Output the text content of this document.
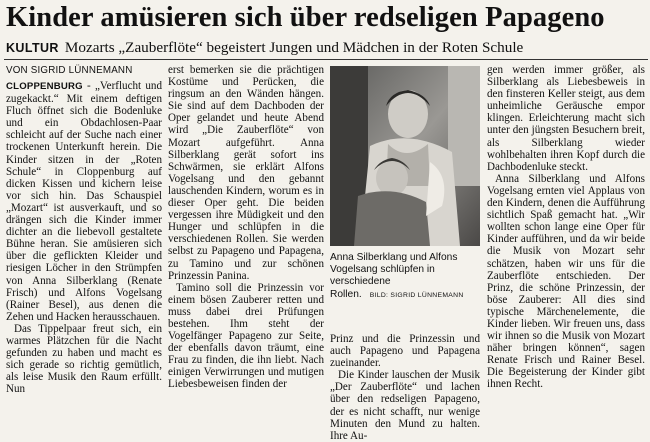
Kinder amüsieren sich über redseligen Papageno
KULTUR Mozarts „Zauberflöte“ begeistert Jungen und Mädchen in der Roten Schule
VON SIGRID LÜNNEMANN

CLOPPENBURG - „Verflucht und zugekackt.“ Mit einem deftigen Fluch öffnet sich die Bodenluke und ein Obdachlosen-Paar schleicht auf der Suche nach einer trockenen Unterkunft herein. Die Kinder sitzen in der „Roten Schule“ in Cloppenburg auf dicken Kissen und kichern leise vor sich hin. Das Schauspiel „Mozart“ ist ausverkauft, und so drängen sich die Kinder immer dichter an die liebevoll gestaltete Bühne heran. Sie amüsieren sich über die geflickten Kleider und riesigen Löcher in den Strümpfen von Anna Silberklang (Renate Frisch) und Alfons Vogelsang (Rainer Besel), aus denen die Zehen und Hacken herausschauen.

Das Tippelpaar freut sich, ein warmes Plätzchen für die Nacht gefunden zu haben und macht es sich gerade so richtig gemütlich, als leise Musik den Raum erfüllt. Nun

erst bemerken sie die prächtigen Kostüme und Perücken, die ringsum an den Wänden hängen. Sie sind auf dem Dachboden der Oper gelandet und heute Abend wird „Die Zauberflöte“ von Mozart aufgeführt. Anna Silberklang gerät sofort ins Schwärmen, sie erklärt Alfons Vogelsang und den gebannt lauschenden Kindern, worum es in dieser Oper geht. Die beiden vergessen ihre Müdigkeit und den Hunger und schlüpfen in die verschiedenen Rollen. Sie werden selbst zu Papageno und Papagena, zu Tamino und zur schönen Prinzessin Panina.

Tamino soll die Prinzessin vor einem bösen Zauberer retten und muss dabei drei Prüfungen bestehen. Ihm steht der Vogelfänger Papageno zur Seite, der ebenfalls davon träumt, eine Frau zu finden, die ihn liebt. Nach einigen Verwirrungen und mutigen Liebesbeweisen finden der

Anna Silberklang und Alfons Vogelsang schlüpfen in verschiedene Rollen. BILD: SIGRID LÜNNEMANN

Prinz und die Prinzessin und auch Papageno und Papagena zueinander.

Die Kinder lauschen der Musik „Der Zauberflöte“ und lachen über den redseligen Papageno, der es nicht schafft, nur wenige Minuten den Mund zu halten. Ihre Au-

gen werden immer größer, als Silberklang als Liebesbeweis in den finsteren Keller steigt, aus dem unheimliche Geräusche empor klingen. Erleichterung macht sich unter den jüngsten Besuchern breit, als Silberklang wieder wohlbehalten ihren Kopf durch die Dachbodenluke steckt.

Anna Silberklang und Alfons Vogelsang ernten viel Applaus von den Kindern, denen die Aufführung sichtlich Spaß gemacht hat. „Wir wollten schon lange eine Oper für Kinder aufführen, und da wir beide die Musik von Mozart sehr schätzen, haben wir uns für die Zauberflöte entschieden. Der Prinz, die schöne Prinzessin, der böse Zauberer: All dies sind typische Märchenelemente, die Kinder lieben. Wir freuen uns, dass wir ihnen so die Musik von Mozart näher bringen können“, sagen Renate Frisch und Rainer Besel. Die Begeisterung der Kinder gibt ihnen Recht.
